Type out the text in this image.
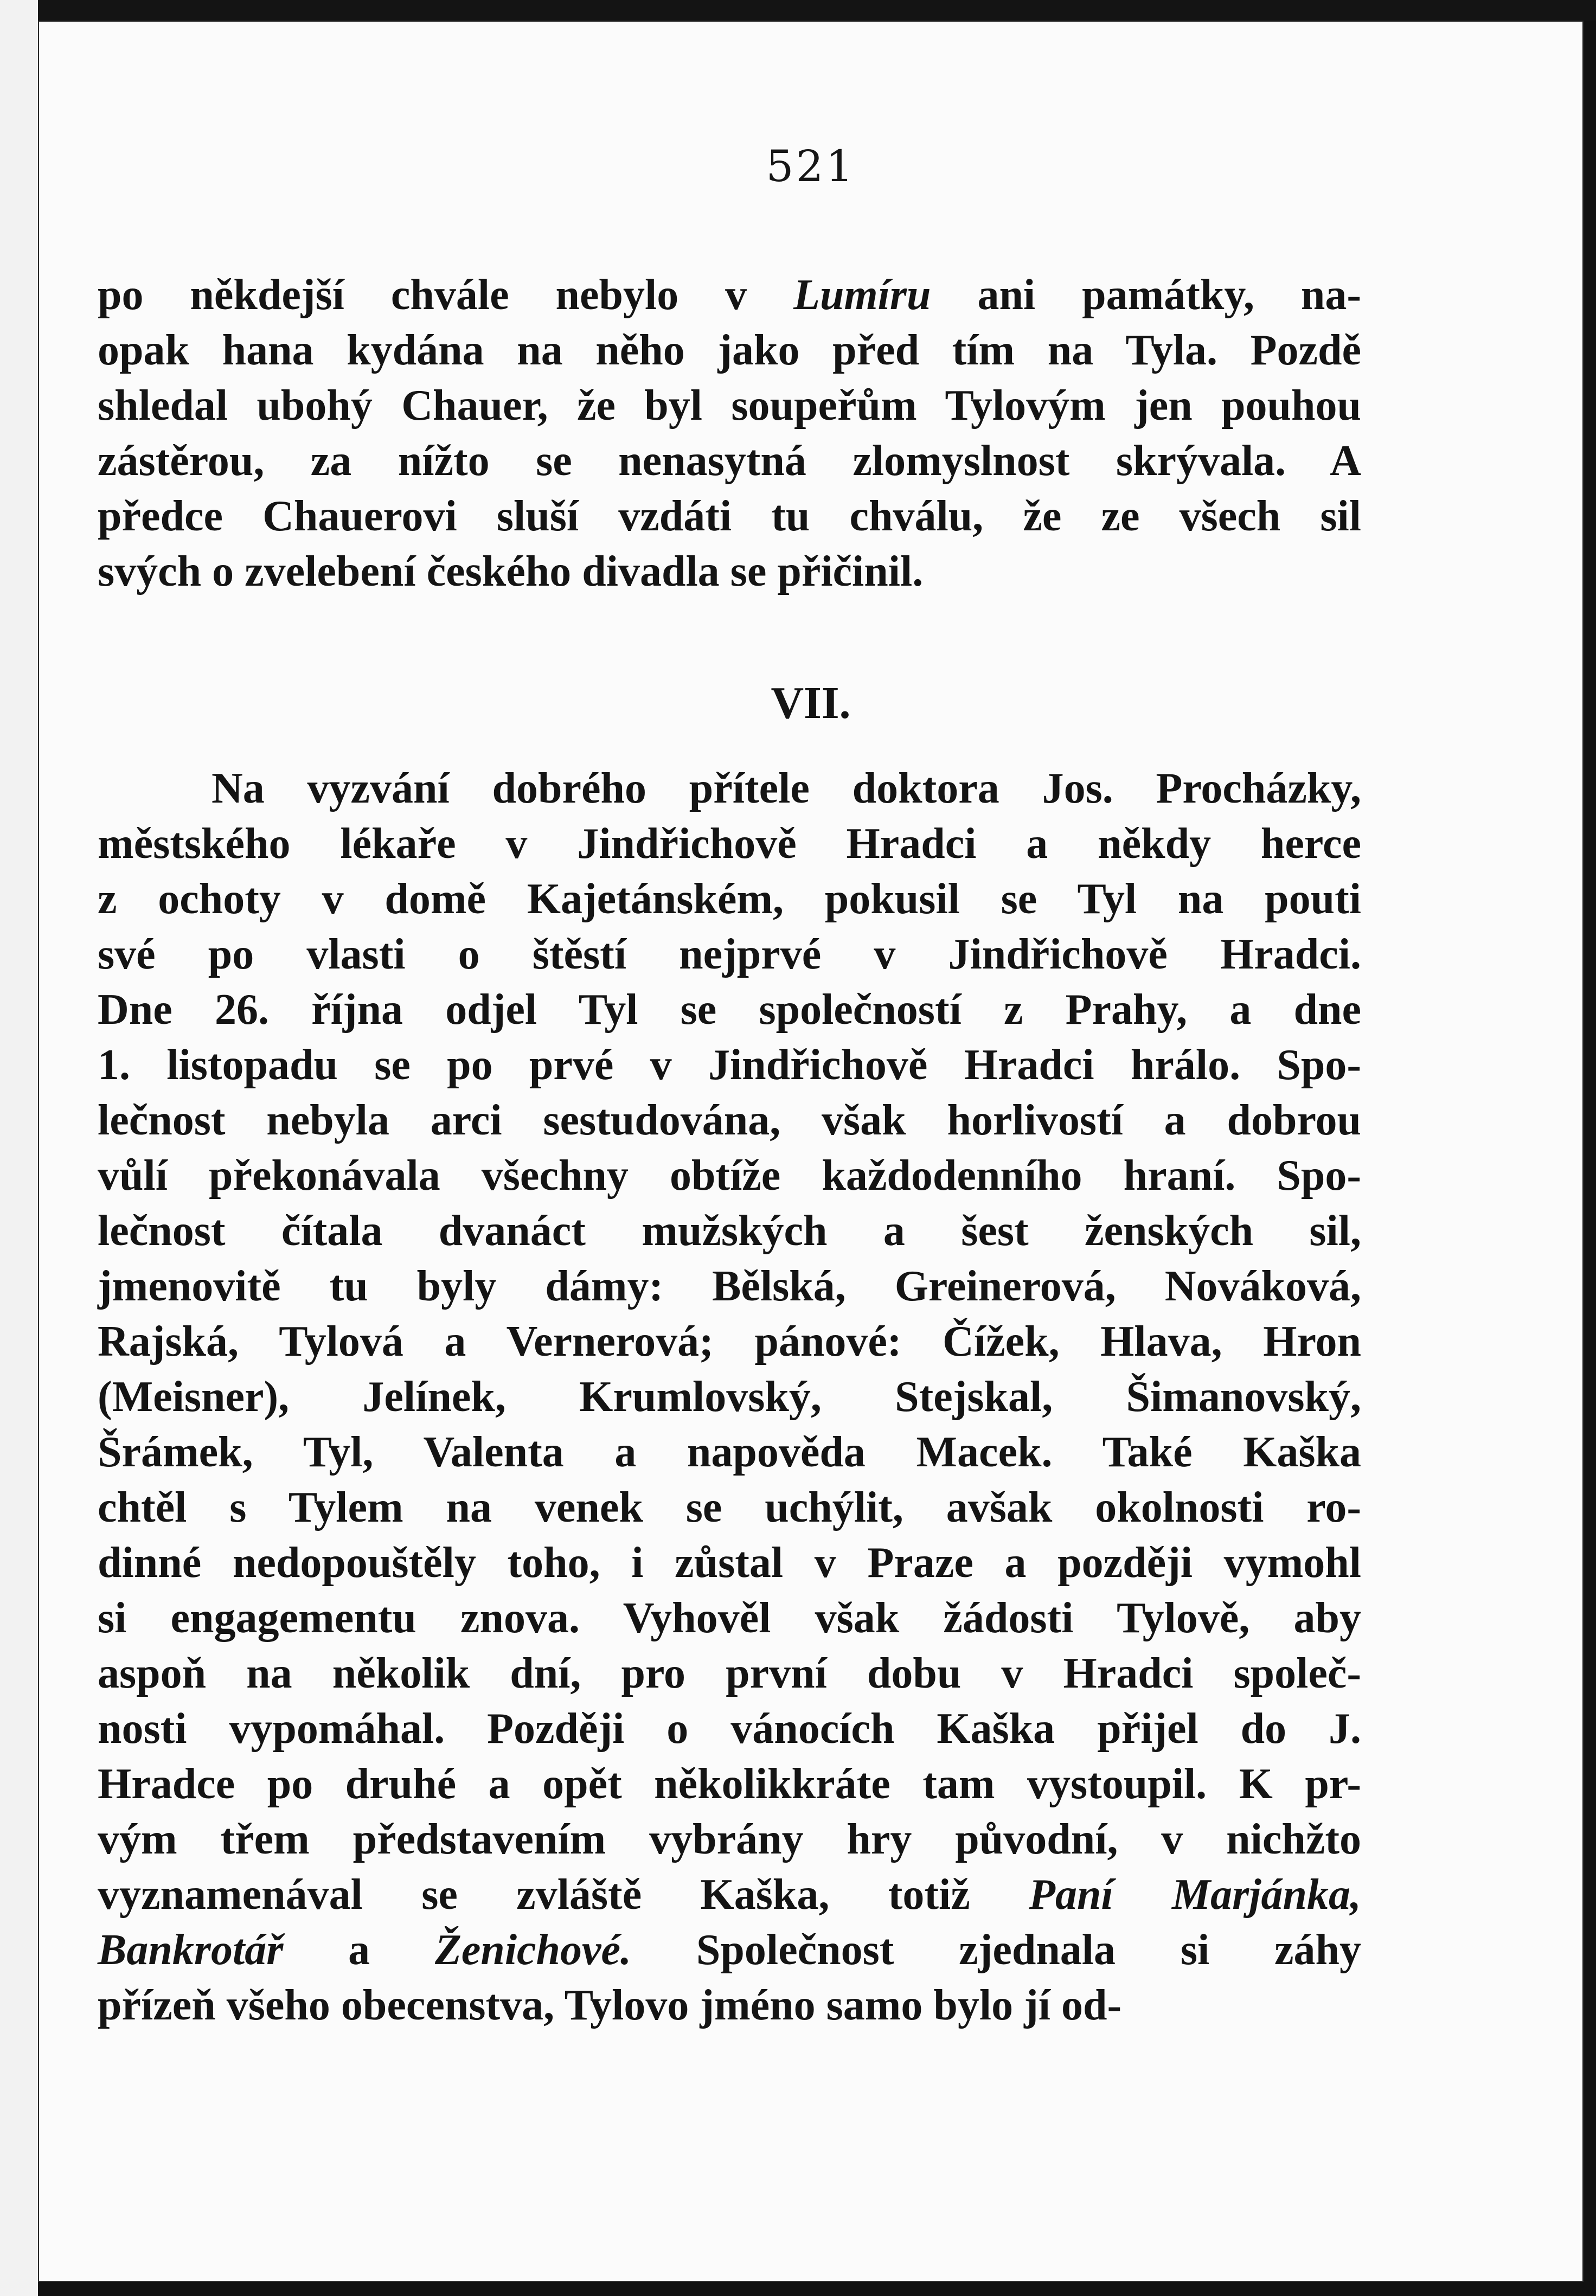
521
po někdejší chvále nebylo v Lumíru ani památky, na-
opak hana kydána na něho jako před tím na Tyla. Pozdě
shledal ubohý Chauer, že byl soupeřům Tylovým jen pouhou
zástěrou, za nížto se nenasytná zlomyslnost skrývala. A
předce Chauerovi sluší vzdáti tu chválu, že ze všech sil
svých o zvelebení českého divadla se přičinil.
VII.
Na vyzvání dobrého přítele doktora Jos. Procházky,
městského lékaře v Jindřichově Hradci a někdy herce
z ochoty v domě Kajetánském, pokusil se Tyl na pouti
své po vlasti o štěstí nejprvé v Jindřichově Hradci.
Dne 26. října odjel Tyl se společností z Prahy, a dne
1. listopadu se po prvé v Jindřichově Hradci hrálo. Spo-
lečnost nebyla arci sestudována, však horlivostí a dobrou
vůlí překonávala všechny obtíže každodenního hraní. Spo-
lečnost čítala dvanáct mužských a šest ženských sil,
jmenovitě tu byly dámy: Bělská, Greinerová, Nováková,
Rajská, Tylová a Vernerová; pánové: Čížek, Hlava, Hron
(Meisner), Jelínek, Krumlovský, Stejskal, Šimanovský,
Šrámek, Tyl, Valenta a napověda Macek. Také Kaška
chtěl s Tylem na venek se uchýlit, avšak okolnosti ro-
dinné nedopouštěly toho, i zůstal v Praze a později vymohl
si engagementu znova. Vyhověl však žádosti Tylově, aby
aspoň na několik dní, pro první dobu v Hradci společ-
nosti vypomáhal. Později o vánocích Kaška přijel do J.
Hradce po druhé a opět několikkráte tam vystoupil. K pr-
vým třem představením vybrány hry původní, v nichžto
vyznamenával se zvláště Kaška, totiž Paní Marjánka,
Bankrotář a Ženichové. Společnost zjednala si záhy
přízeň všeho obecenstva, Tylovo jméno samo bylo jí od-
